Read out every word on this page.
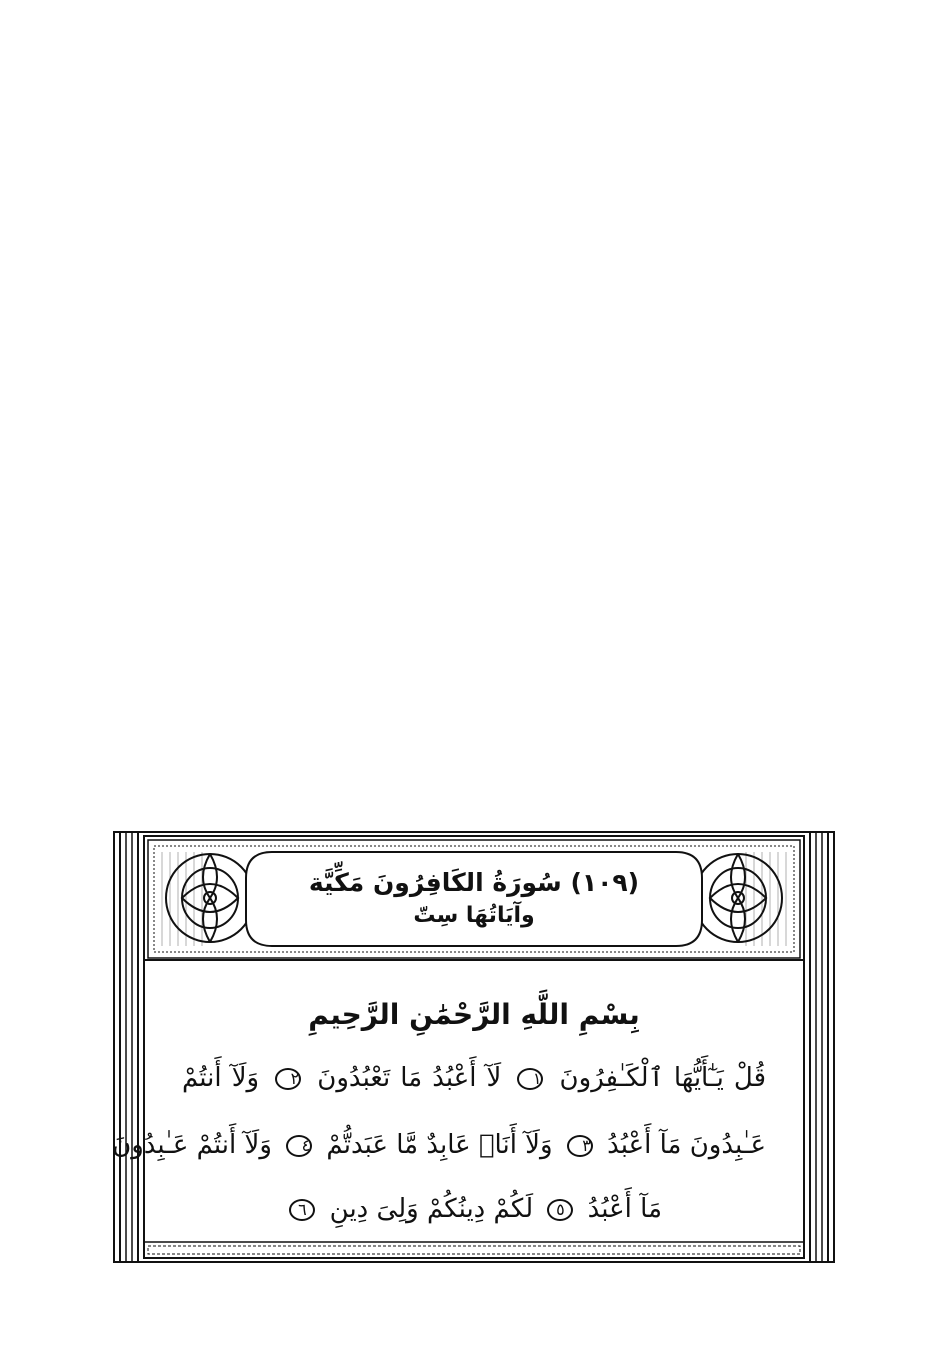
(١٠٩) سُورَةُ الكَافِرُونَ مَكِّيَّة
وآيَاتُهَا سِتّ
بِسْمِ اللَّهِ الرَّحْمَٰنِ الرَّحِيمِ
قُلْ يَـٰٓأَيُّهَا ٱلْكَـٰفِرُونَ ١ لَآ أَعْبُدُ مَا تَعْبُدُونَ ٢ وَلَآ أَنتُمْ
عَـٰبِدُونَ مَآ أَعْبُدُ ٣ وَلَآ أَنَا۠ عَابِدٌ مَّا عَبَدتُّمْ ٤ وَلَآ أَنتُمْ عَـٰبِدُونَ
مَآ أَعْبُدُ ٥ لَكُمْ دِينُكُمْ وَلِىَ دِينِ ٦
